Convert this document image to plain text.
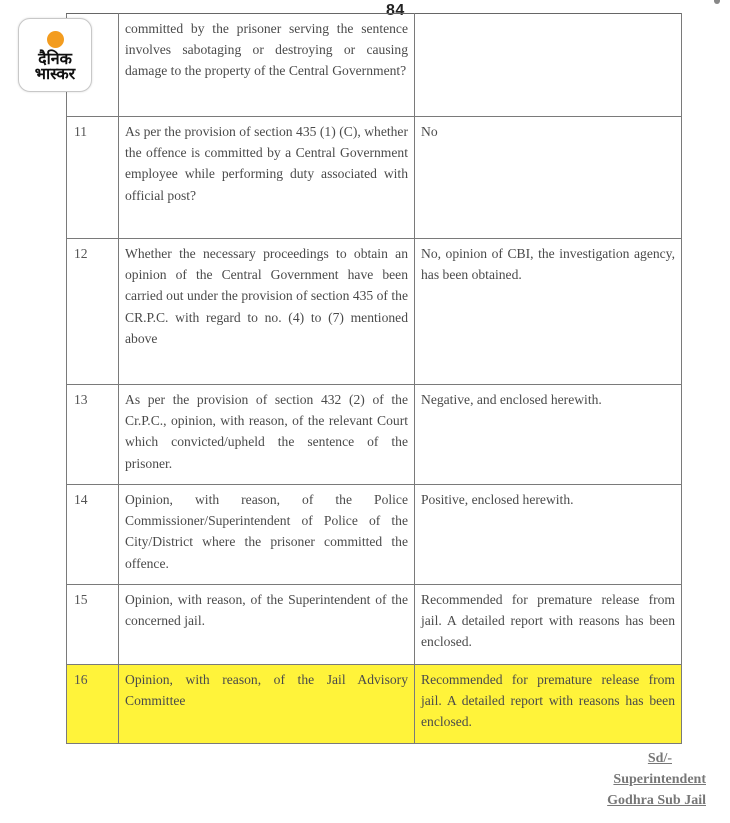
84
	committed by the prisoner serving the sentence involves sabotaging or destroying or causing damage to the property of the Central Government?	
11	As per the provision of section 435 (1) (C), whether the offence is committed by a Central Government employee while performing duty associated with official post?	No
12	Whether the necessary proceedings to obtain an opinion of the Central Government have been carried out under the provision of section 435 of the CR.P.C. with regard to no. (4) to (7) mentioned above	No, opinion of CBI, the investigation agency, has been obtained.
13	As per the provision of section 432 (2) of the Cr.P.C., opinion, with reason, of the relevant Court which convicted/upheld the sentence of the prisoner.	Negative, and enclosed herewith.
14	Opinion, with reason, of the Police Commissioner/Superintendent of Police of the City/District where the prisoner committed the offence.	Positive, enclosed herewith.
15	Opinion, with reason, of the Superintendent of the concerned jail.	Recommended for premature release from jail. A detailed report with reasons has been enclosed.
16	Opinion, with reason, of the Jail Advisory Committee	Recommended for premature release from jail. A detailed report with reasons has been enclosed.
दैनिक
भास्कर
Sd/-
Superintendent
Godhra Sub Jail
